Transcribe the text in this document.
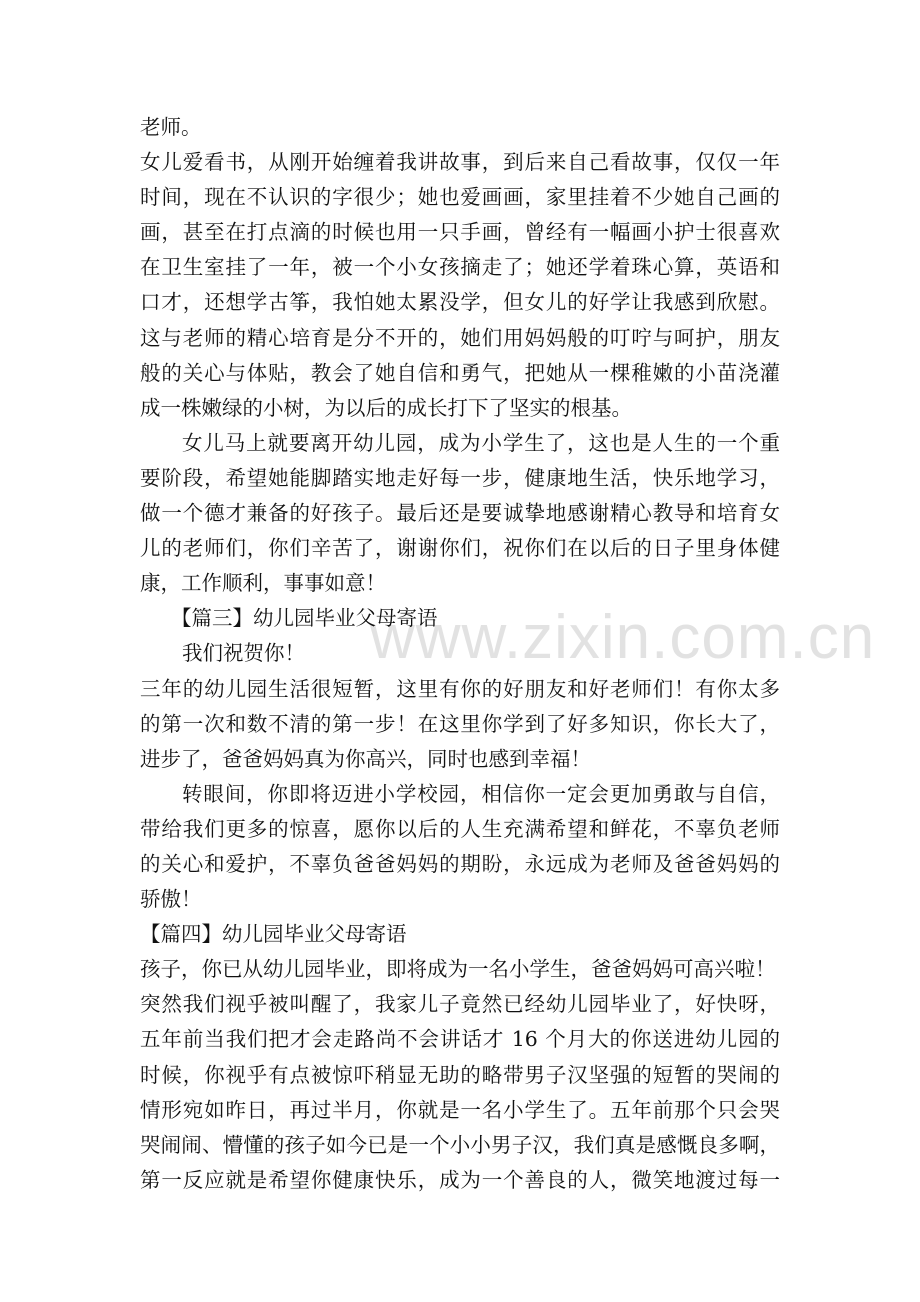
www.zixin.com.cn
老师。
女儿爱看书，从刚开始缠着我讲故事，到后来自己看故事，仅仅一年
时间，现在不认识的字很少；她也爱画画，家里挂着不少她自己画的
画，甚至在打点滴的时候也用一只手画，曾经有一幅画小护士很喜欢
在卫生室挂了一年，被一个小女孩摘走了；她还学着珠心算，英语和
口才，还想学古筝，我怕她太累没学，但女儿的好学让我感到欣慰。
这与老师的精心培育是分不开的，她们用妈妈般的叮咛与呵护，朋友
般的关心与体贴，教会了她自信和勇气，把她从一棵稚嫩的小苗浇灌
成一株嫩绿的小树，为以后的成长打下了坚实的根基。
女儿马上就要离开幼儿园，成为小学生了，这也是人生的一个重
要阶段，希望她能脚踏实地走好每一步，健康地生活，快乐地学习，
做一个德才兼备的好孩子。最后还是要诚挚地感谢精心教导和培育女
儿的老师们，你们辛苦了，谢谢你们，祝你们在以后的日子里身体健
康，工作顺利，事事如意！
【篇三】幼儿园毕业父母寄语
我们祝贺你！
三年的幼儿园生活很短暂，这里有你的好朋友和好老师们！有你太多
的第一次和数不清的第一步！在这里你学到了好多知识，你长大了，
进步了，爸爸妈妈真为你高兴，同时也感到幸福！
转眼间，你即将迈进小学校园，相信你一定会更加勇敢与自信，
带给我们更多的惊喜，愿你以后的人生充满希望和鲜花，不辜负老师
的关心和爱护，不辜负爸爸妈妈的期盼，永远成为老师及爸爸妈妈的
骄傲！
【篇四】幼儿园毕业父母寄语
孩子，你已从幼儿园毕业，即将成为一名小学生，爸爸妈妈可高兴啦！
突然我们视乎被叫醒了，我家儿子竟然已经幼儿园毕业了，好快呀，
五年前当我们把才会走路尚不会讲话才 16 个月大的你送进幼儿园的
时候，你视乎有点被惊吓稍显无助的略带男子汉坚强的短暂的哭闹的
情形宛如昨日，再过半月，你就是一名小学生了。五年前那个只会哭
哭闹闹、懵懂的孩子如今已是一个小小男子汉，我们真是感慨良多啊，
第一反应就是希望你健康快乐，成为一个善良的人，微笑地渡过每一
